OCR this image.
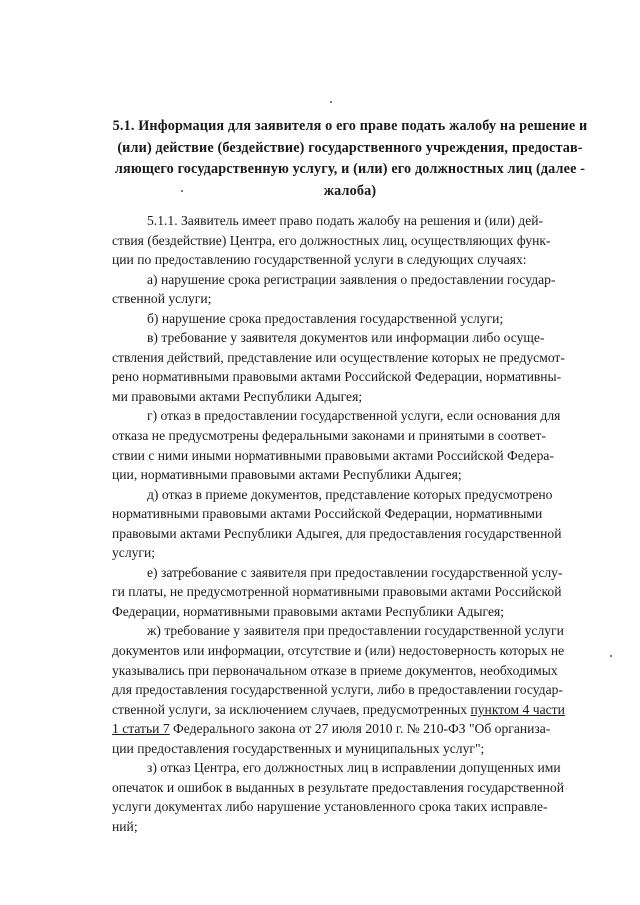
5.1. Информация для заявителя о его праве подать жалобу на решение и
(или) действие (бездействие) государственного учреждения, предостав-
ляющего государственную услугу, и (или) его должностных лиц (далее -
жалоба)

5.1.1. Заявитель имеет право подать жалобу на решения и (или) дей-
ствия (бездействие) Центра, его должностных лиц, осуществляющих функ-
ции по предоставлению государственной услуги в следующих случаях:

а) нарушение срока регистрации заявления о предоставлении государ-
ственной услуги;

б) нарушение срока предоставления государственной услуги;

в) требование у заявителя документов или информации либо осуще-
ствления действий, представление или осуществление которых не предусмот-
рено нормативными правовыми актами Российской Федерации, нормативны-
ми правовыми актами Республики Адыгея;

г) отказ в предоставлении государственной услуги, если основания для
отказа не предусмотрены федеральными законами и принятыми в соответ-
ствии с ними иными нормативными правовыми актами Российской Федера-
ции, нормативными правовыми актами Республики Адыгея;

д) отказ в приеме документов, представление которых предусмотрено
нормативными правовыми актами Российской Федерации, нормативными
правовыми актами Республики Адыгея, для предоставления государственной
услуги;

е) затребование с заявителя при предоставлении государственной услу-
ги платы, не предусмотренной нормативными правовыми актами Российской
Федерации, нормативными правовыми актами Республики Адыгея;

ж) требование у заявителя при предоставлении государственной услуги
документов или информации, отсутствие и (или) недостоверность которых не
указывались при первоначальном отказе в приеме документов, необходимых
для предоставления государственной услуги, либо в предоставлении государ-
ственной услуги, за исключением случаев, предусмотренных пунктом 4 части
1 статьи 7 Федерального закона от 27 июля 2010 г. № 210-ФЗ "Об организа-
ции предоставления государственных и муниципальных услуг";

з) отказ Центра, его должностных лиц в исправлении допущенных ими
опечаток и ошибок в выданных в результате предоставления государственной
услуги документах либо нарушение установленного срока таких исправле-
ний;
